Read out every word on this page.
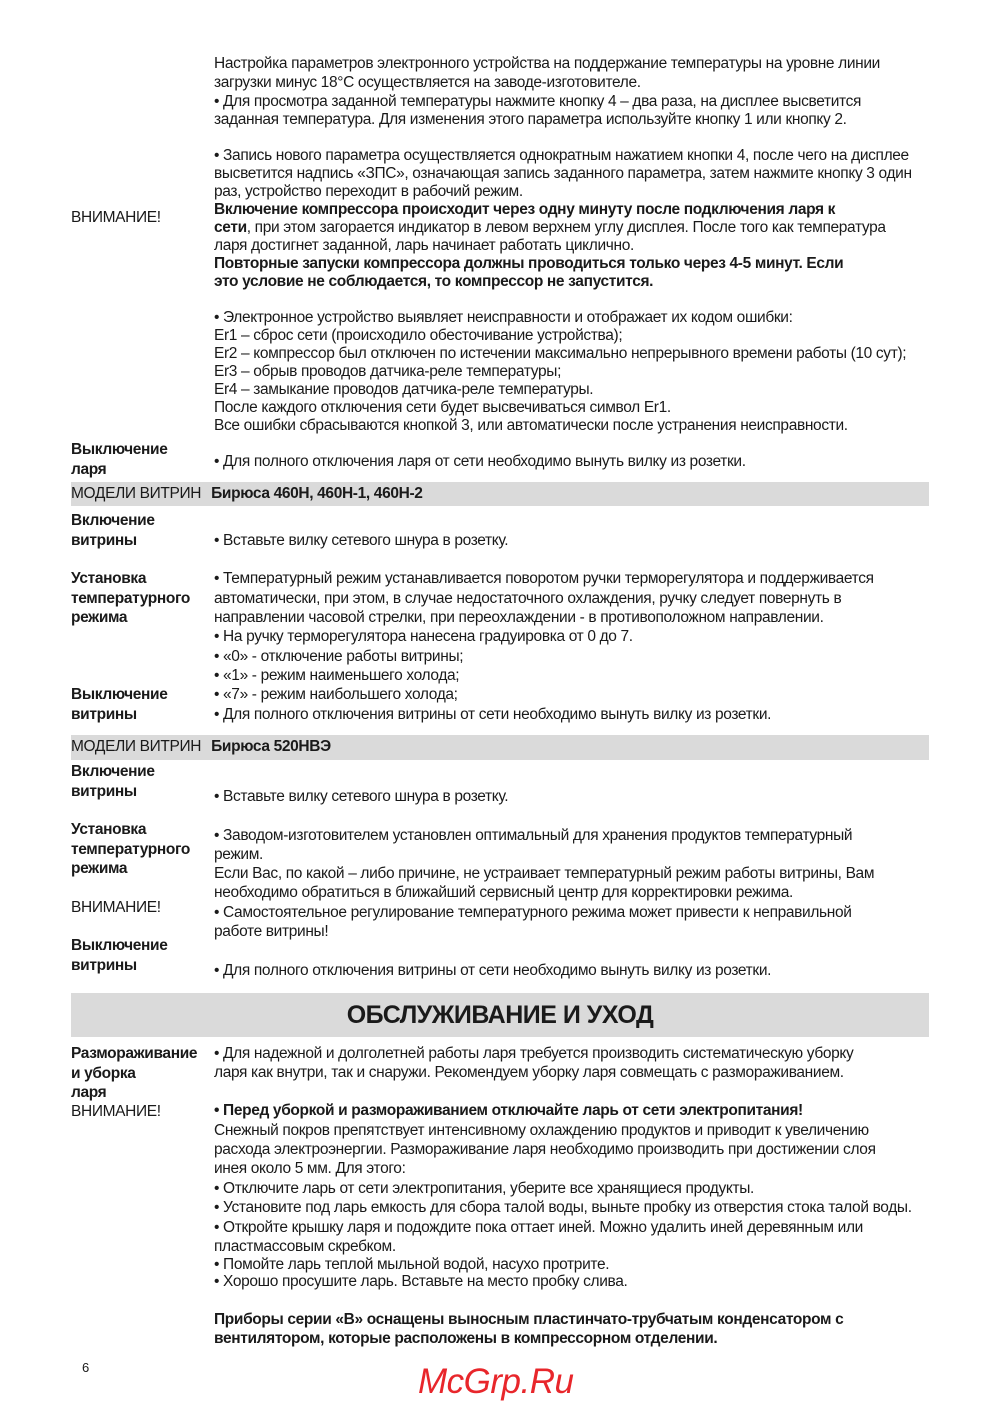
МОДЕЛИ ВИТРИН Бирюса 460Н, 460Н-1, 460Н-2
МОДЕЛИ ВИТРИН Бирюса 520НВЭ
ОБСЛУЖИВАНИЕ И УХОД
Настройка параметров электронного устройства на поддержание температуры на уровне линии
загрузки минус 18°С осуществляется на заводе-изготовителе.
• Для просмотра заданной температуры нажмите кнопку 4 – два раза, на дисплее высветится
заданная температура. Для изменения этого параметра используйте кнопку 1 или кнопку 2.
• Запись нового параметра осуществляется однократным нажатием кнопки 4, после чего на дисплее
высветится надпись «ЗПС», означающая запись заданного параметра, затем нажмите кнопку 3 один
раз, устройство переходит в рабочий режим.
Включение компрессора происходит через одну минуту после подключения ларя к
сети, при этом загорается индикатор в левом верхнем углу дисплея. После того как температура
ларя достигнет заданной, ларь начинает работать циклично.
Повторные запуски компрессора должны проводиться только через 4-5 минут. Если
это условие не соблюдается, то компрессор не запустится.
• Электронное устройство выявляет неисправности и отображает их кодом ошибки:
Er1 – сброс сети (происходило обесточивание устройства);
Er2 – компрессор был отключен по истечении максимально непрерывного времени работы (10 сут);
Er3 – обрыв проводов датчика-реле температуры;
Er4 – замыкание проводов датчика-реле температуры.
После каждого отключения сети будет высвечиваться символ Er1.
Все ошибки сбрасываются кнопкой 3, или автоматически после устранения неисправности.
• Для полного отключения ларя от сети необходимо вынуть вилку из розетки.
ВНИМАНИЕ!
Выключение
ларя
• Вставьте вилку сетевого шнура в розетку.
• Температурный режим устанавливается поворотом ручки терморегулятора и поддерживается
автоматически, при этом, в случае недостаточного охлаждения, ручку следует повернуть в
направлении часовой стрелки, при переохлаждении - в противоположном направлении.
• На ручку терморегулятора нанесена градуировка от 0 до 7.
• «0» - отключение работы витрины;
• «1» - режим наименьшего холода;
• «7» - режим наибольшего холода;
• Для полного отключения витрины от сети необходимо вынуть вилку из розетки.
Включение
витрины
Установка
температурного
режима
Выключение
витрины
• Вставьте вилку сетевого шнура в розетку.
• Заводом-изготовителем установлен оптимальный для хранения продуктов температурный
режим.
Если Вас, по какой – либо причине, не устраивает температурный режим работы витрины, Вам
необходимо обратиться в ближайший сервисный центр для корректировки режима.
• Самостоятельное регулирование температурного режима может привести к неправильной
работе витрины!
• Для полного отключения витрины от сети необходимо вынуть вилку из розетки.
Включение
витрины
Установка
температурного
режима
ВНИМАНИЕ!
Выключение
витрины
• Для надежной и долголетней работы ларя требуется производить систематическую уборку
ларя как внутри, так и снаружи. Рекомендуем уборку ларя совмещать с размораживанием.
• Перед уборкой и размораживанием отключайте ларь от сети электропитания!
Снежный покров препятствует интенсивному охлаждению продуктов и приводит к увеличению
расхода электроэнергии. Размораживание ларя необходимо производить при достижении слоя
инея около 5 мм. Для этого:
• Отключите ларь от сети электропитания, уберите все хранящиеся продукты.
• Установите под ларь емкость для сбора талой воды, выньте пробку из отверстия стока талой воды.
• Откройте крышку ларя и подождите пока оттает иней. Можно удалить иней деревянным или
пластмассовым скребком.
• Помойте ларь теплой мыльной водой, насухо протрите.
• Хорошо просушите ларь. Вставьте на место пробку слива.
Приборы серии «В» оснащены выносным пластинчато-трубчатым конденсатором с
вентилятором, которые расположены в компрессорном отделении.
Размораживание
и уборка
ларя
ВНИМАНИЕ!
McGrp.Ru
6
